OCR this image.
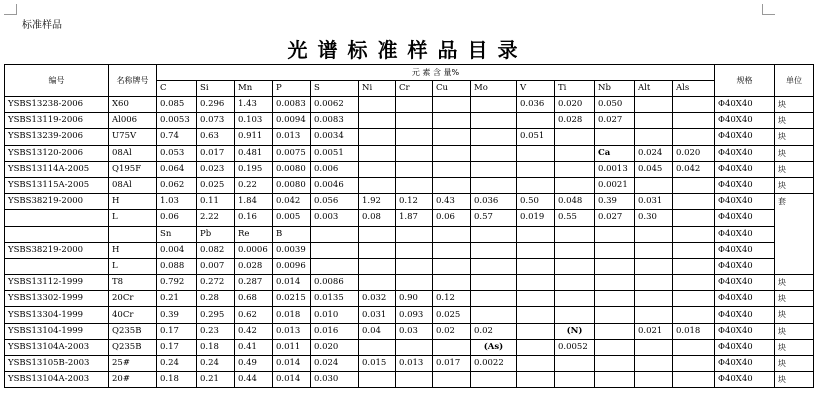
标准样品
光谱标准样品目录
编号	名称牌号	元 素 含 量%														规格	单位
		C	Si	Mn	P	S	Ni	Cr	Cu	Mo	V	Ti	Nb	Alt	Als		
YSBS13238-2006	X60	0.085	0.296	1.43	0.0083	0.0062					0.036	0.020	0.050			Φ40X40	块
YSBS13119-2006	Al006	0.0053	0.073	0.103	0.0094	0.0083						0.028	0.027			Φ40X40	块
YSBS13239-2006	U75V	0.74	0.63	0.911	0.013	0.0034					0.051					Φ40X40	块
YSBS13120-2006	08Al	0.053	0.017	0.481	0.0075	0.0051							Ca	0.024	0.020	Φ40X40	块
YSBS13114A-2005	Q195F	0.064	0.023	0.195	0.0080	0.006							0.0013	0.045	0.042	Φ40X40	块
YSBS13115A-2005	08Al	0.062	0.025	0.22	0.0080	0.0046							0.0021			Φ40X40	块
YSBS38219-2000	H	1.03	0.11	1.84	0.042	0.056	1.92	0.12	0.43	0.036	0.50	0.048	0.39	0.031		Φ40X40	套
	L	0.06	2.22	0.16	0.005	0.003	0.08	1.87	0.06	0.57	0.019	0.55	0.027	0.30		Φ40X40	
		Sn	Pb	Re	B											Φ40X40	
YSBS38219-2000	H	0.004	0.082	0.0006	0.0039											Φ40X40	
	L	0.088	0.007	0.028	0.0096											Φ40X40	
YSBS13112-1999	T8	0.792	0.272	0.287	0.014	0.0086										Φ40X40	块
YSBS13302-1999	20Cr	0.21	0.28	0.68	0.0215	0.0135	0.032	0.90	0.12							Φ40X40	块
YSBS13304-1999	40Cr	0.39	0.295	0.62	0.018	0.010	0.031	0.093	0.025							Φ40X40	块
YSBS13104-1999	Q235B	0.17	0.23	0.42	0.013	0.016	0.04	0.03	0.02	0.02		(N)		0.021	0.018	Φ40X40	块
YSBS13104A-2003	Q235B	0.17	0.18	0.41	0.011	0.020				(As)		0.0052				Φ40X40	块
YSBS13105B-2003	25#	0.24	0.24	0.49	0.014	0.024	0.015	0.013	0.017	0.0022						Φ40X40	块
YSBS13104A-2003	20#	0.18	0.21	0.44	0.014	0.030										Φ40X40	块
